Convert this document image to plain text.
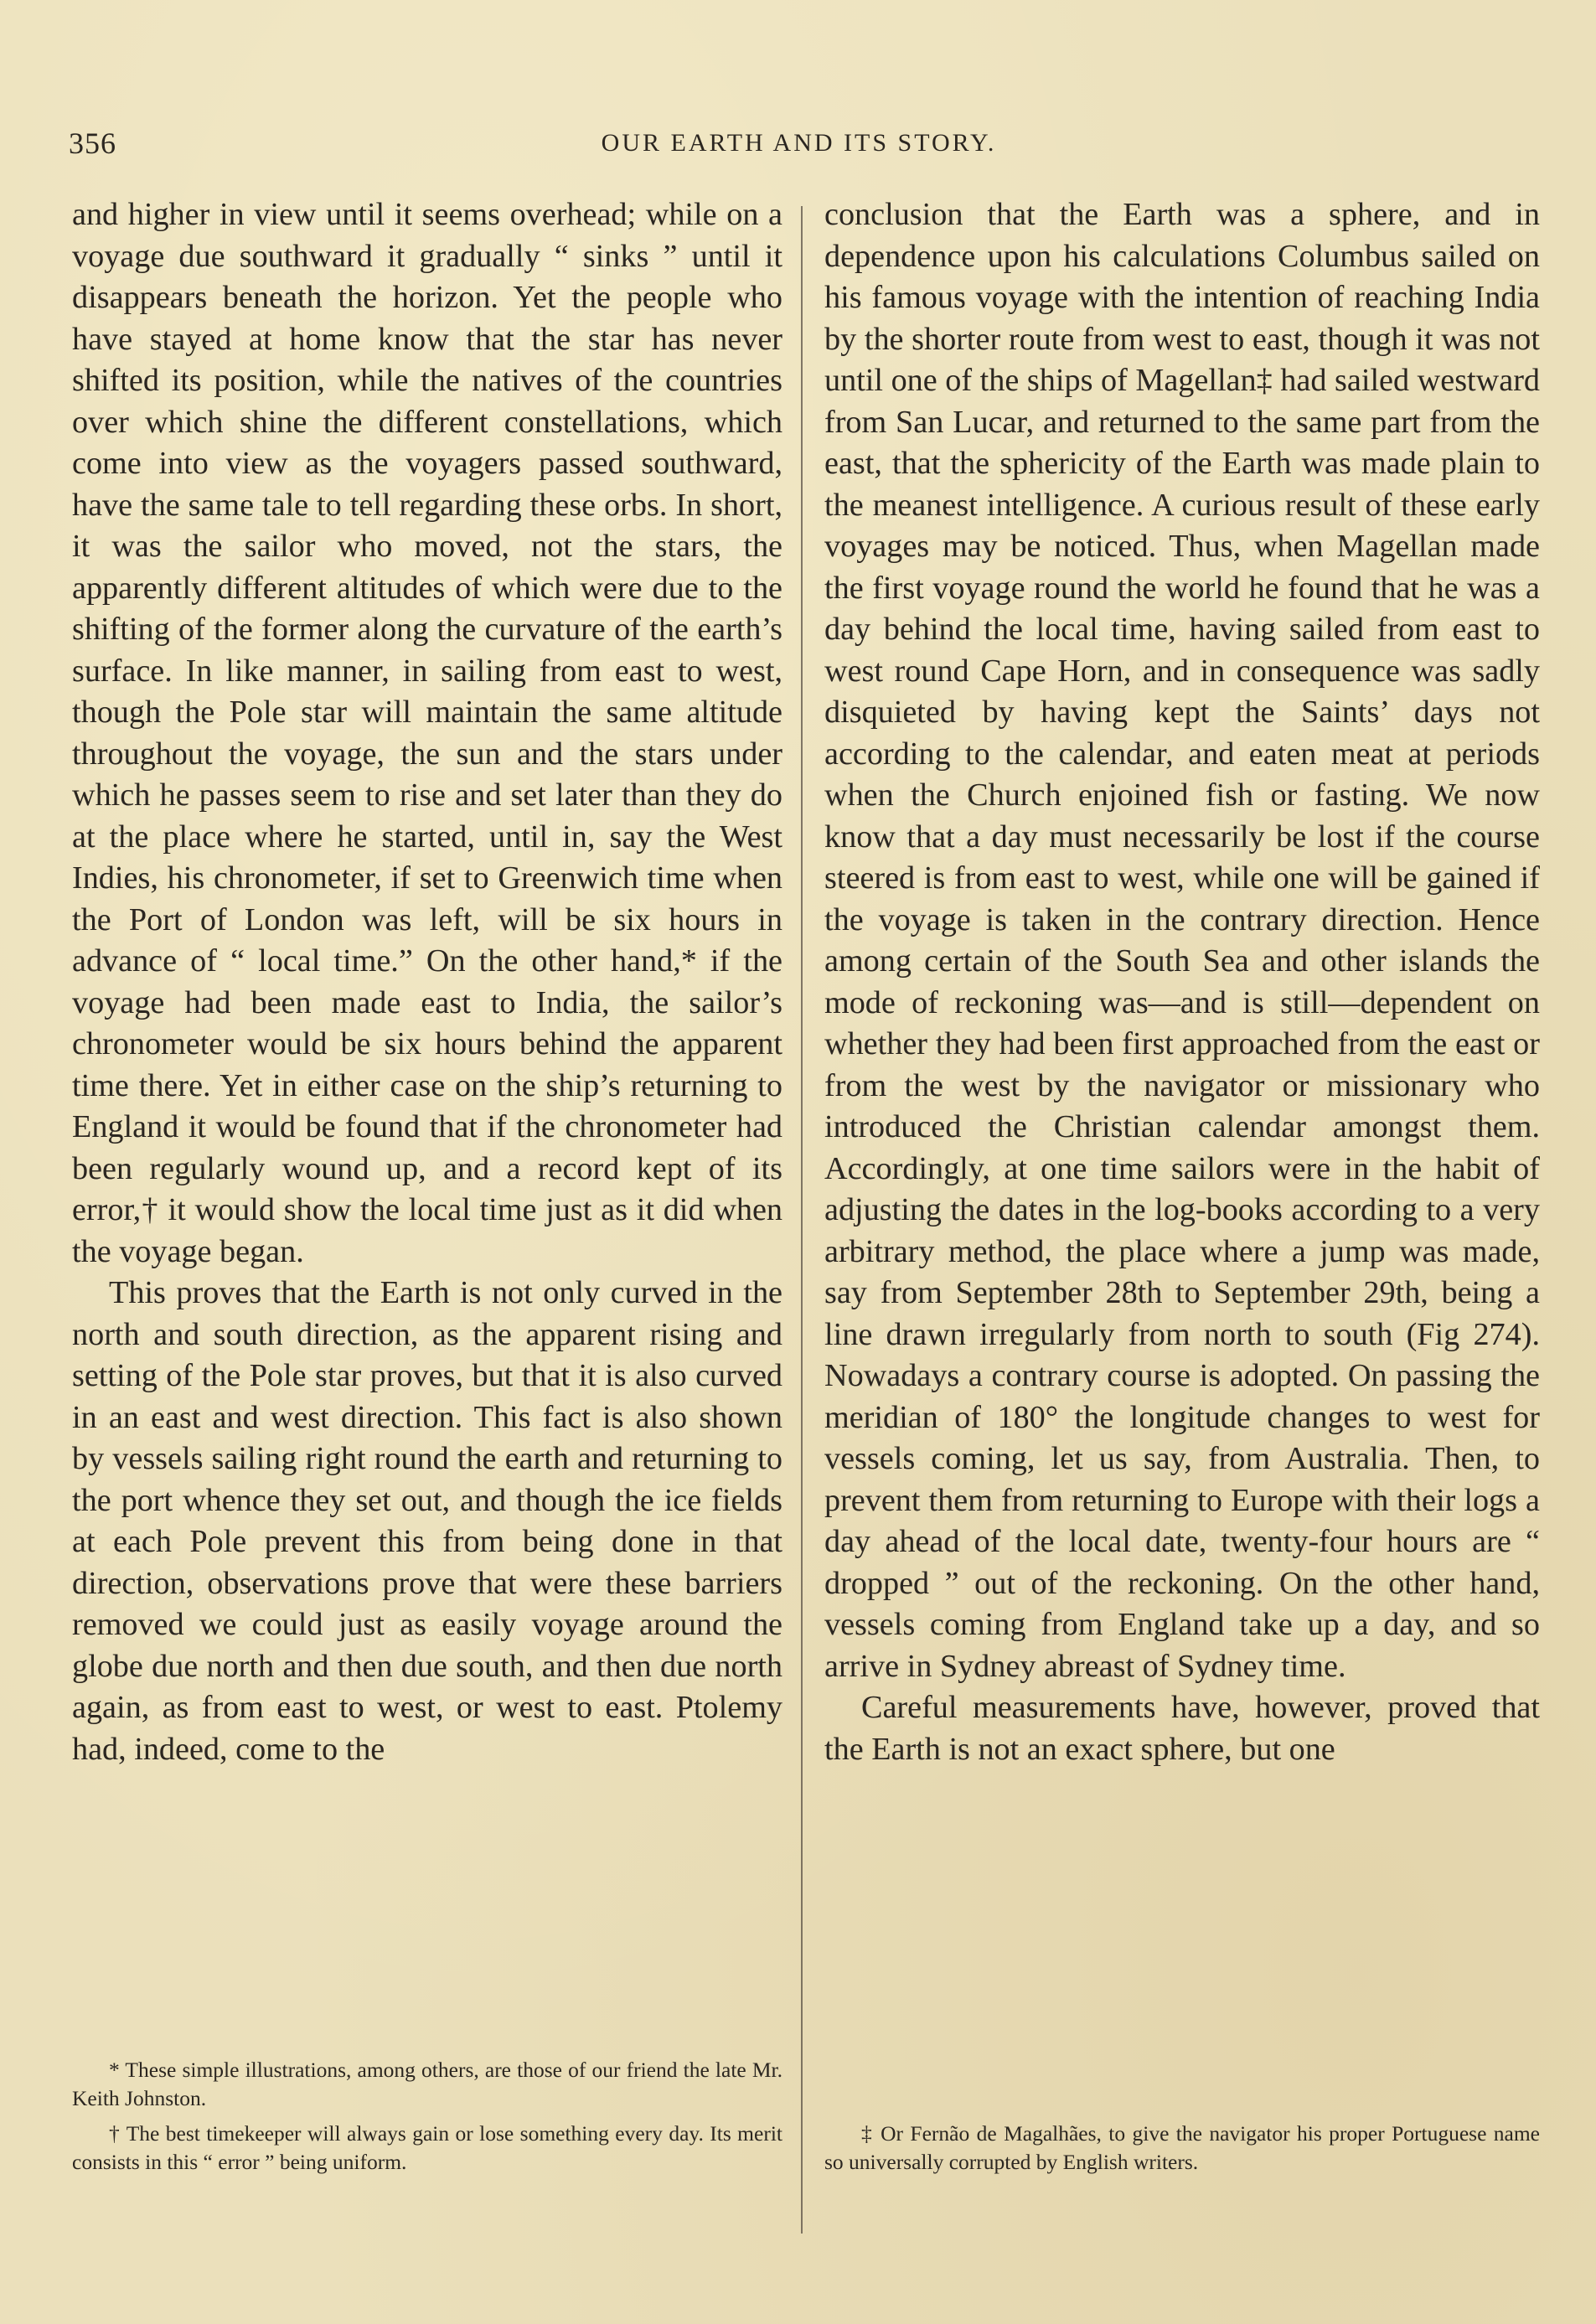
356	OUR EARTH AND ITS STORY.

and higher in view until it seems overhead; while on a voyage due southward it gradually “ sinks ” until it disappears beneath the horizon. Yet the people who have stayed at home know that the star has never shifted its position, while the natives of the countries over which shine the different constellations, which come into view as the voyagers passed southward, have the same tale to tell regarding these orbs. In short, it was the sailor who moved, not the stars, the apparently different altitudes of which were due to the shifting of the former along the curvature of the earth’s surface. In like manner, in sailing from east to west, though the Pole star will maintain the same altitude throughout the voyage, the sun and the stars under which he passes seem to rise and set later than they do at the place where he started, until in, say the West Indies, his chronometer, if set to Greenwich time when the Port of London was left, will be six hours in advance of “ local time.” On the other hand,* if the voyage had been made east to India, the sailor’s chronometer would be six hours behind the apparent time there. Yet in either case on the ship’s returning to England it would be found that if the chronometer had been regularly wound up, and a record kept of its error,† it would show the local time just as it did when the voyage began.

This proves that the Earth is not only curved in the north and south direction, as the apparent rising and setting of the Pole star proves, but that it is also curved in an east and west direction. This fact is also shown by vessels sailing right round the earth and returning to the port whence they set out, and though the ice fields at each Pole prevent this from being done in that direction, observations prove that were these barriers removed we could just as easily voyage around the globe due north and then due south, and then due north again, as from east to west, or west to east. Ptolemy had, indeed, come to the

conclusion that the Earth was a sphere, and in dependence upon his calculations Columbus sailed on his famous voyage with the intention of reaching India by the shorter route from west to east, though it was not until one of the ships of Magellan‡ had sailed westward from San Lucar, and returned to the same part from the east, that the sphericity of the Earth was made plain to the meanest intelligence. A curious result of these early voyages may be noticed. Thus, when Magellan made the first voyage round the world he found that he was a day behind the local time, having sailed from east to west round Cape Horn, and in consequence was sadly disquieted by having kept the Saints’ days not according to the calendar, and eaten meat at periods when the Church enjoined fish or fasting. We now know that a day must necessarily be lost if the course steered is from east to west, while one will be gained if the voyage is taken in the contrary direction. Hence among certain of the South Sea and other islands the mode of reckoning was—and is still—dependent on whether they had been first approached from the east or from the west by the navigator or missionary who introduced the Christian calendar amongst them. Accordingly, at one time sailors were in the habit of adjusting the dates in the log-books according to a very arbitrary method, the place where a jump was made, say from September 28th to September 29th, being a line drawn irregularly from north to south (Fig 274). Nowadays a contrary course is adopted. On passing the meridian of 180° the longitude changes to west for vessels coming, let us say, from Australia. Then, to prevent them from returning to Europe with their logs a day ahead of the local date, twenty-four hours are “ dropped ” out of the reckoning. On the other hand, vessels coming from England take up a day, and so arrive in Sydney abreast of Sydney time.

Careful measurements have, however, proved that the Earth is not an exact sphere, but one

* These simple illustrations, among others, are those of our friend the late Mr. Keith Johnston.

† The best timekeeper will always gain or lose something every day. Its merit consists in this “ error ” being uniform.

‡ Or Fernão de Magalhães, to give the navigator his proper Portuguese name so universally corrupted by English writers.
